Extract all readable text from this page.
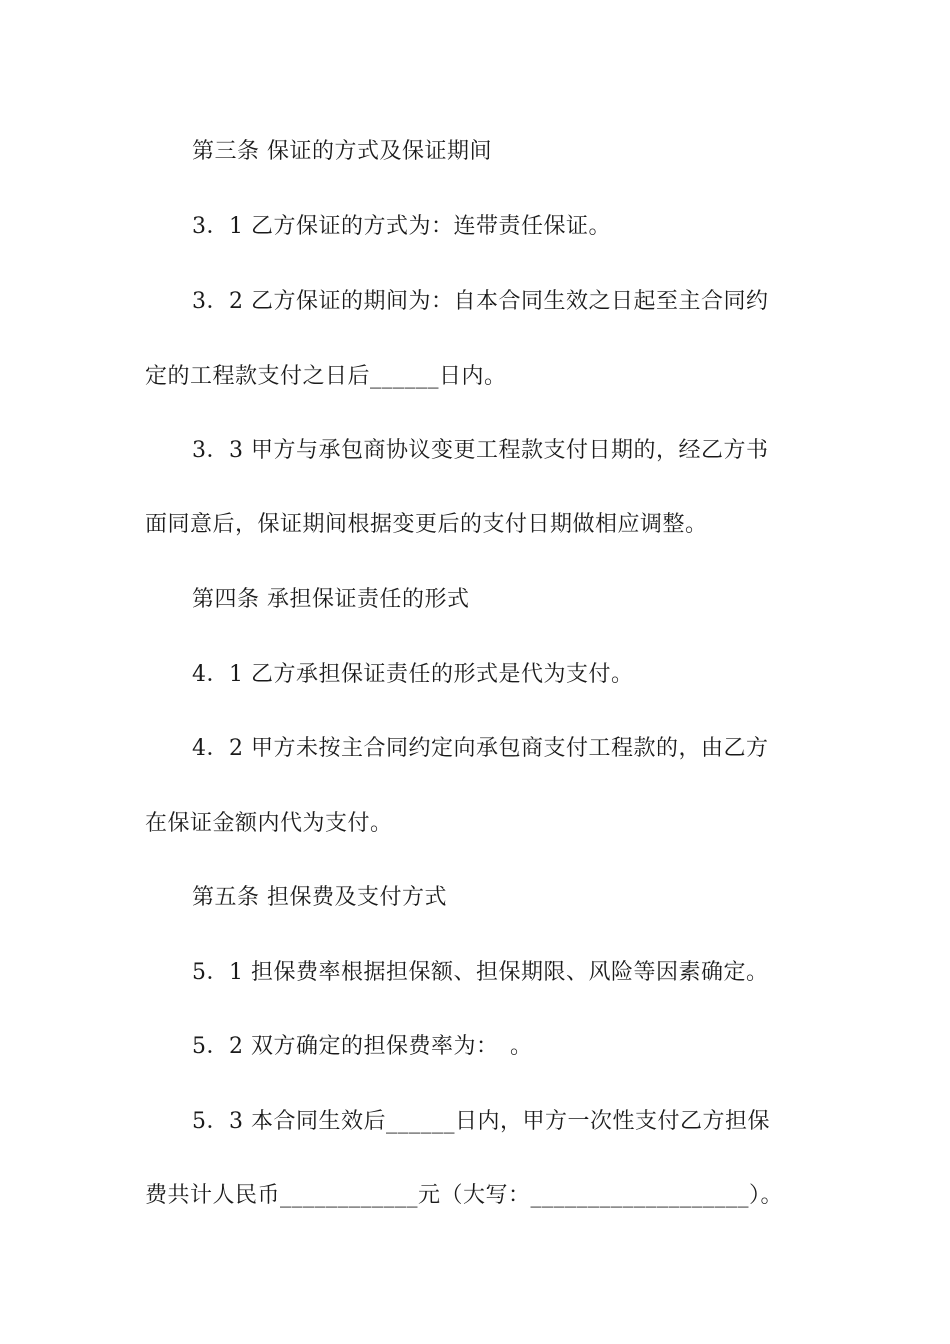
第三条 保证的方式及保证期间

3．1 乙方保证的方式为：连带责任保证。

3．2 乙方保证的期间为：自本合同生效之日起至主合同约

定的工程款支付之日后______日内。

3．3 甲方与承包商协议变更工程款支付日期的，经乙方书

面同意后，保证期间根据变更后的支付日期做相应调整。

第四条 承担保证责任的形式

4．1 乙方承担保证责任的形式是代为支付。

4．2 甲方未按主合同约定向承包商支付工程款的，由乙方

在保证金额内代为支付。

第五条 担保费及支付方式

5．1 担保费率根据担保额、担保期限、风险等因素确定。

5．2 双方确定的担保费率为：　。

5．3 本合同生效后______日内，甲方一次性支付乙方担保

费共计人民币____________元（大写：___________________）。
